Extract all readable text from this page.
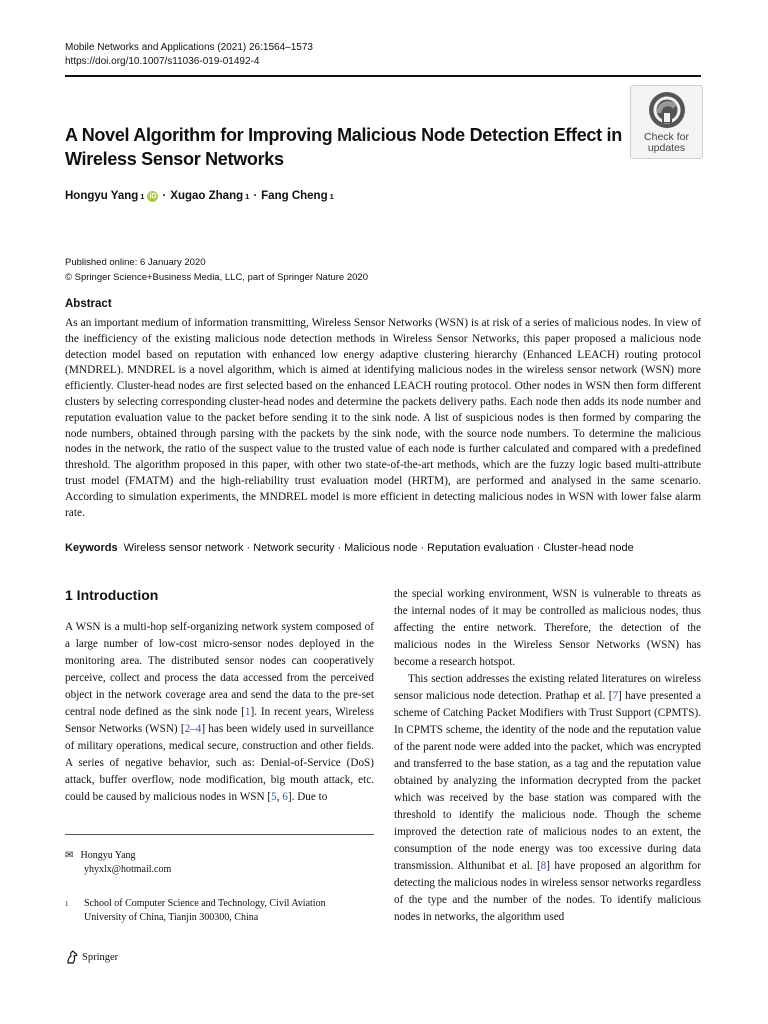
Mobile Networks and Applications (2021) 26:1564–1573
https://doi.org/10.1007/s11036-019-01492-4
Check for
updates
A Novel Algorithm for Improving Malicious Node Detection Effect in Wireless Sensor Networks
Hongyu Yang 1 iD · Xugao Zhang 1 · Fang Cheng 1
Published online: 6 January 2020
© Springer Science+Business Media, LLC, part of Springer Nature 2020
Abstract

As an important medium of information transmitting, Wireless Sensor Networks (WSN) is at risk of a series of malicious nodes. In view of the inefficiency of the existing malicious node detection methods in Wireless Sensor Networks, this paper proposed a malicious node detection model based on reputation with enhanced low energy adaptive clustering hierarchy (Enhanced LEACH) routing protocol (MNDREL). MNDREL is a novel algorithm, which is aimed at identifying malicious nodes in the wireless sensor network (WSN) more efficiently. Cluster-head nodes are first selected based on the enhanced LEACH routing protocol. Other nodes in WSN then form different clusters by selecting corresponding cluster-head nodes and determine the packets delivery paths. Each node then adds its node number and reputation evaluation value to the packet before sending it to the sink node. A list of suspicious nodes is then formed by comparing the node numbers, obtained through parsing with the packets by the sink node, with the source node numbers. To determine the malicious nodes in the network, the ratio of the suspect value to the trusted value of each node is further calculated and compared with a predefined threshold. The algorithm proposed in this paper, with other two state-of-the-art methods, which are the fuzzy logic based multi-attribute trust model (FMATM) and the high-reliability trust evaluation model (HRTM), are performed and analysed in the same scenario. According to simulation experiments, the MNDREL model is more efficient in detecting malicious nodes in WSN with lower false alarm rate.

Keywords Wireless sensor network · Network security · Malicious node · Reputation evaluation · Cluster-head node
1 Introduction

A WSN is a multi-hop self-organizing network system composed of a large number of low-cost micro-sensor nodes deployed in the monitoring area. The distributed sensor nodes can cooperatively perceive, collect and process the data accessed from the perceived object in the network coverage area and send the data to the pre-set central node defined as the sink node [1]. In recent years, Wireless Sensor Networks (WSN) [2–4] has been widely used in surveillance of military operations, medical secure, construction and other fields. A series of negative behavior, such as: Denial-of-Service (DoS) attack, buffer overflow, node modification, big mouth attack, etc. could be caused by malicious nodes in WSN [5, 6]. Due to

the special working environment, WSN is vulnerable to threats as the internal nodes of it may be controlled as malicious nodes, thus affecting the entire network. Therefore, the detection of the malicious nodes in the Wireless Sensor Networks (WSN) has become a research hotspot.

This section addresses the existing related literatures on wireless sensor malicious node detection. Prathap et al. [7] have presented a scheme of Catching Packet Modifiers with Trust Support (CPMTS). In CPMTS scheme, the identity of the node and the reputation value of the parent node were added into the packet, which was encrypted and transferred to the base station, as a tag and the reputation value obtained by analyzing the information decrypted from the packet which was received by the base station was compared with the threshold to identify the malicious node. Though the scheme improved the detection rate of malicious nodes to an extent, the consumption of the node energy was too excessive during data transmission. Althunibat et al. [8] have proposed an algorithm for detecting the malicious nodes in wireless sensor networks regardless of the type and the number of the nodes. To identify malicious nodes in networks, the algorithm used

✉ Hongyu Yang
yhyxlx@hotmail.com
$^1$ School of Computer Science and Technology, Civil Aviation
University of China, Tianjin 300300, China
Springer
